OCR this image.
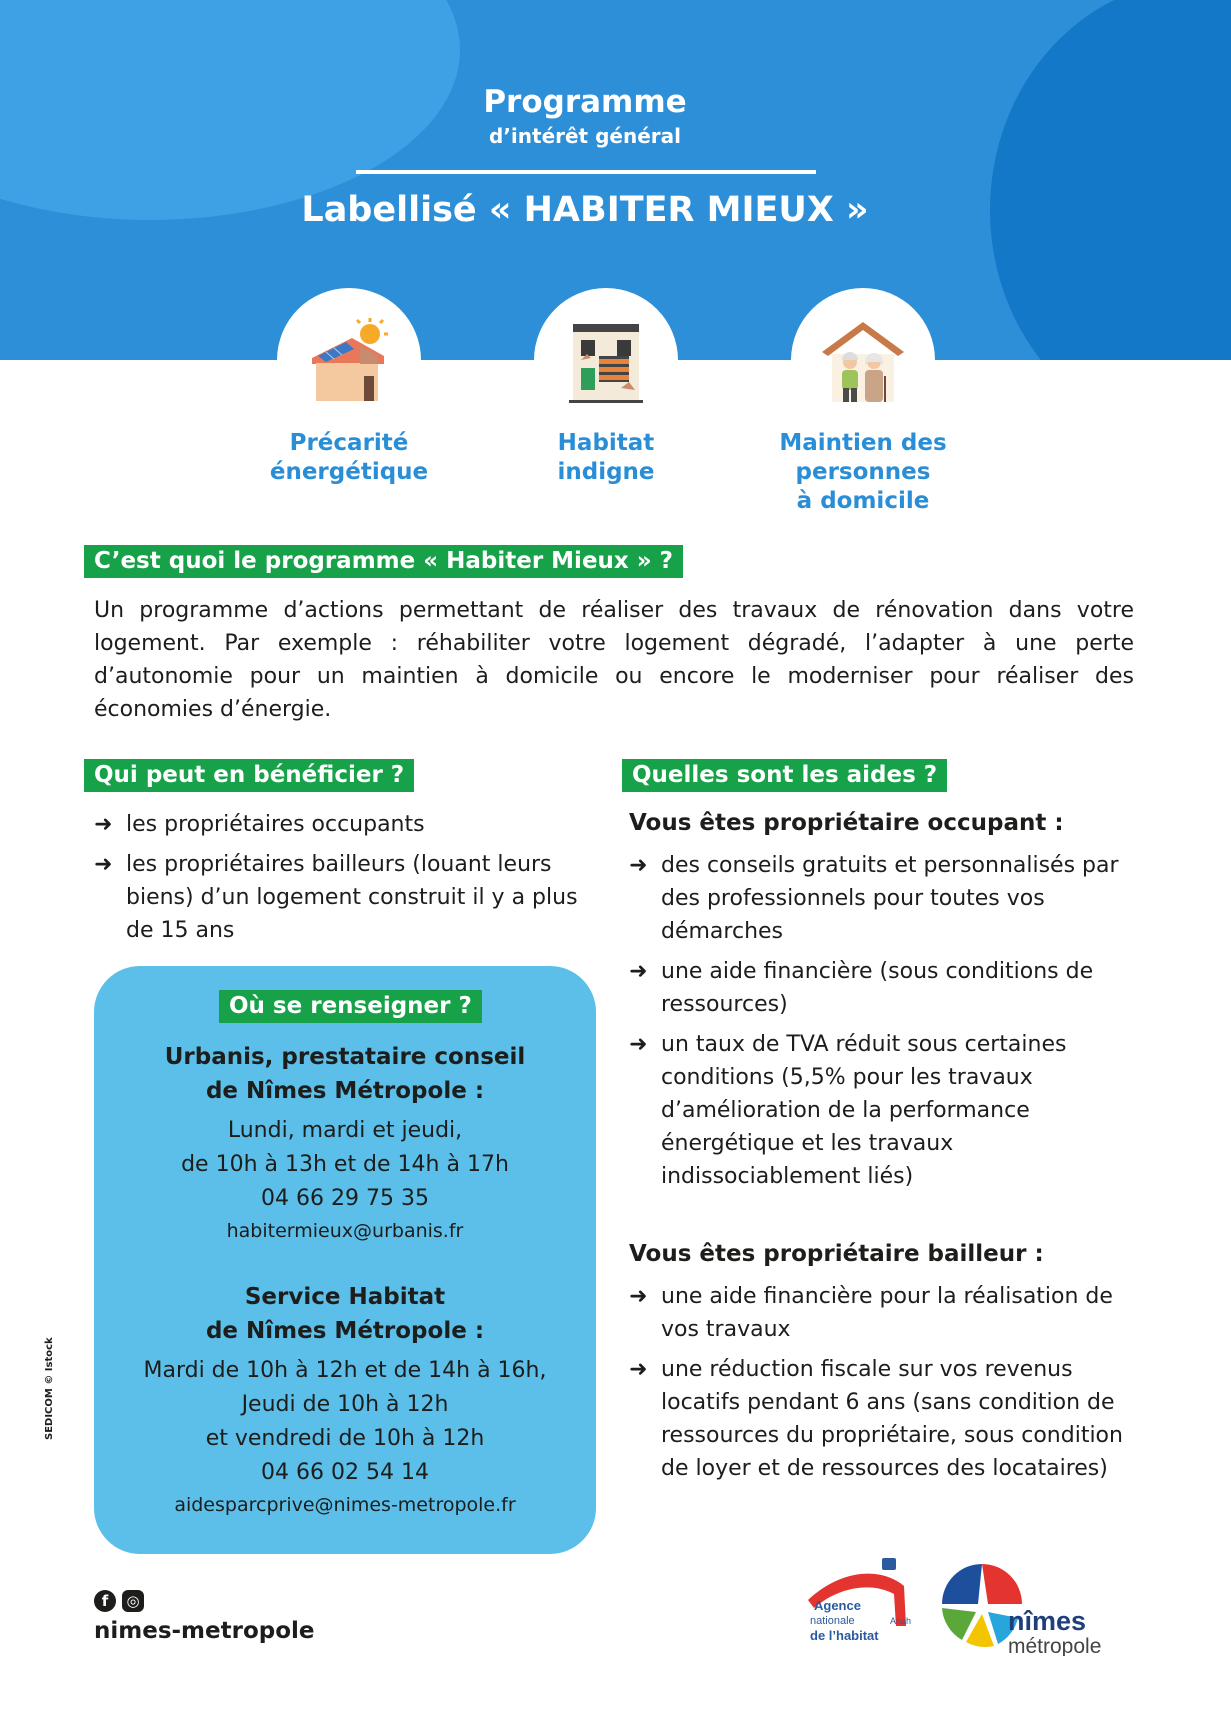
Programme
d’intérêt général
Labellisé « HABITER MIEUX »
Précarité
énergétique
Habitat
indigne
Maintien des
personnes
à domicile
C’est quoi le programme « Habiter Mieux » ?
Un programme d’actions permettant de réaliser des travaux de rénovation dans votre logement. Par exemple : réhabiliter votre logement dégradé, l’adapter à une perte d’autonomie pour un maintien à domicile ou encore le moderniser pour réaliser des économies d’énergie.
Qui peut en bénéficier ?
➜ les propriétaires occupants
➜ les propriétaires bailleurs (louant leurs biens) d’un logement construit il y a plus de 15 ans
Où se renseigner ?
Urbanis, prestataire conseil
de Nîmes Métropole :
Lundi, mardi et jeudi,
de 10h à 13h et de 14h à 17h
04 66 29 75 35
habitermieux@urbanis.fr
Service Habitat
de Nîmes Métropole :
Mardi de 10h à 12h et de 14h à 16h,
Jeudi de 10h à 12h
et vendredi de 10h à 12h
04 66 02 54 14
aidesparcprive@nimes-metropole.fr
Quelles sont les aides ?
Vous êtes propriétaire occupant :
➜ des conseils gratuits et personnalisés par des professionnels pour toutes vos démarches
➜ une aide financière (sous conditions de ressources)
➜ un taux de TVA réduit sous certaines conditions (5,5% pour les travaux d’amélioration de la performance énergétique et les travaux indissociablement liés)
Vous êtes propriétaire bailleur :
➜ une aide financière pour la réalisation de vos travaux
➜ une réduction fiscale sur vos revenus locatifs pendant 6 ans (sans condition de ressources du propriétaire, sous condition de loyer et de ressources des locataires)
SEDICOM © Istock
f ◎
nimes-metropole
Agence
nationale
de l’habitat
Anah	nîmes
métropole
